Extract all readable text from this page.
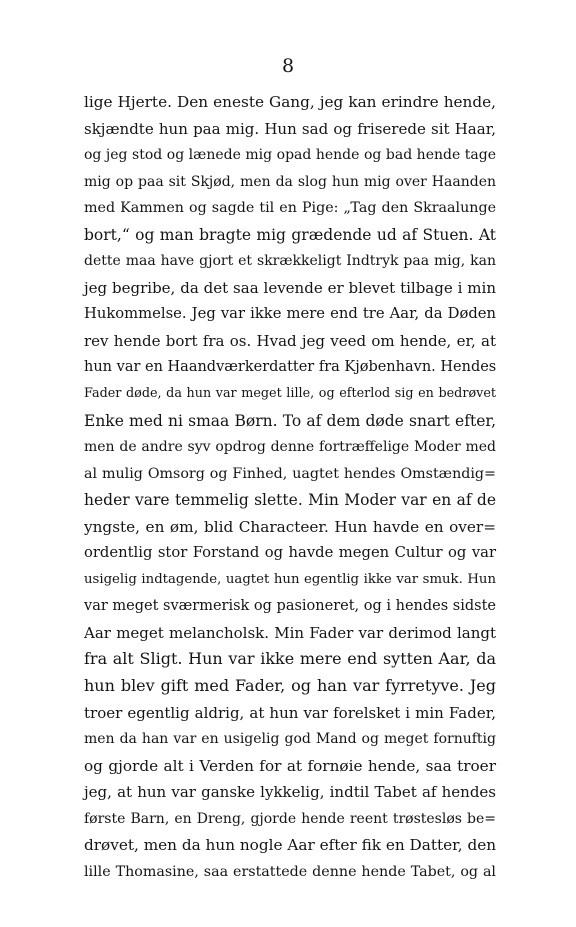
8
lige Hjerte. Den eneste Gang, jeg kan erindre hende,
skjændte hun paa mig. Hun sad og friserede sit Haar,
og jeg stod og lænede mig opad hende og bad hende tage
mig op paa sit Skjød, men da slog hun mig over Haanden
med Kammen og sagde til en Pige: „Tag den Skraalunge
bort,“ og man bragte mig grædende ud af Stuen. At
dette maa have gjort et skrækkeligt Indtryk paa mig, kan
jeg begribe, da det saa levende er blevet tilbage i min
Hukommelse. Jeg var ikke mere end tre Aar, da Døden
rev hende bort fra os. Hvad jeg veed om hende, er, at
hun var en Haandværkerdatter fra Kjøbenhavn. Hendes
Fader døde, da hun var meget lille, og efterlod sig en bedrøvet
Enke med ni smaa Børn. To af dem døde snart efter,
men de andre syv opdrog denne fortræffelige Moder med
al mulig Omsorg og Finhed, uagtet hendes Omstændig=
heder vare temmelig slette. Min Moder var en af de
yngste, en øm, blid Characteer. Hun havde en over=
ordentlig stor Forstand og havde megen Cultur og var
usigelig indtagende, uagtet hun egentlig ikke var smuk. Hun
var meget sværmerisk og pasioneret, og i hendes sidste
Aar meget melancholsk. Min Fader var derimod langt
fra alt Sligt. Hun var ikke mere end sytten Aar, da
hun blev gift med Fader, og han var fyrretyve. Jeg
troer egentlig aldrig, at hun var forelsket i min Fader,
men da han var en usigelig god Mand og meget fornuftig
og gjorde alt i Verden for at fornøie hende, saa troer
jeg, at hun var ganske lykkelig, indtil Tabet af hendes
første Barn, en Dreng, gjorde hende reent trøstesløs be=
drøvet, men da hun nogle Aar efter fik en Datter, den
lille Thomasine, saa erstattede denne hende Tabet, og al
